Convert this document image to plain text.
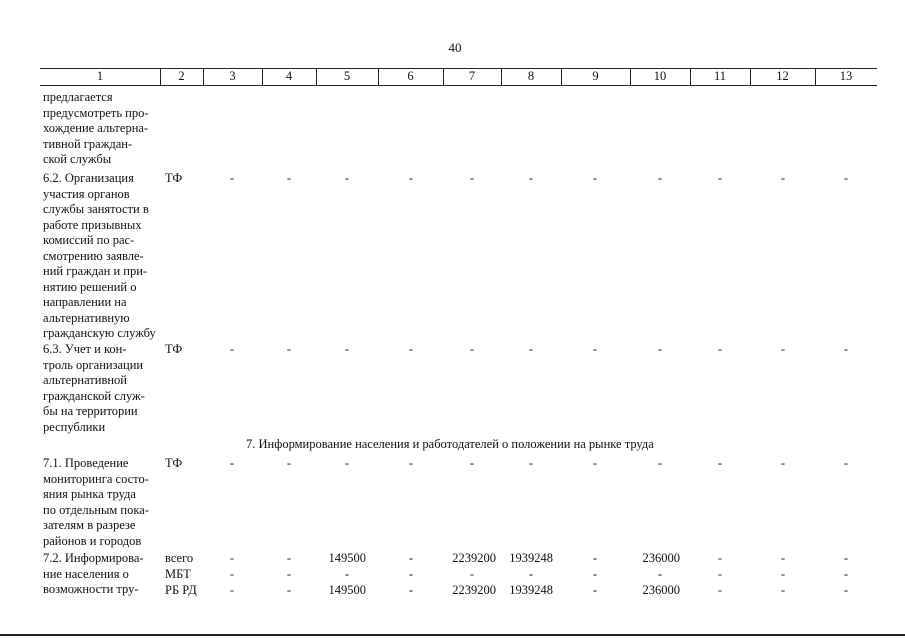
40
1	2	3	4	5	6	7	8	9	10	11	12	13
предлагается
предусмотреть про-
хождение альтерна-
тивной граждан-
ской службы
6.2. Организация
участия органов
службы занятости в
работе призывных
комиссий по рас-
смотрению заявле-
ний граждан и при-
нятию решений о
направлении на
альтернативную
гражданскую службу
ТФ	-	-	-	-	-	-	-	-	-	-	-
6.3. Учет и кон-
троль организации
альтернативной
гражданской служ-
бы на территории
республики
ТФ	-	-	-	-	-	-	-	-	-	-	-
7. Информирование населения и работодателей о положении на рынке труда
7.1. Проведение
мониторинга состо-
яния рынка труда
по отдельным пока-
зателям в разрезе
районов и городов
ТФ	-	-	-	-	-	-	-	-	-	-	-
7.2. Информирова-
ние населения о
возможности тру-
всего	-	-	149500	-	2239200	1939248	-	236000	-	-	-
МБТ	-	-	-	-	-	-	-	-	-	-	-
РБ РД	-	-	149500	-	2239200	1939248	-	236000	-	-	-
